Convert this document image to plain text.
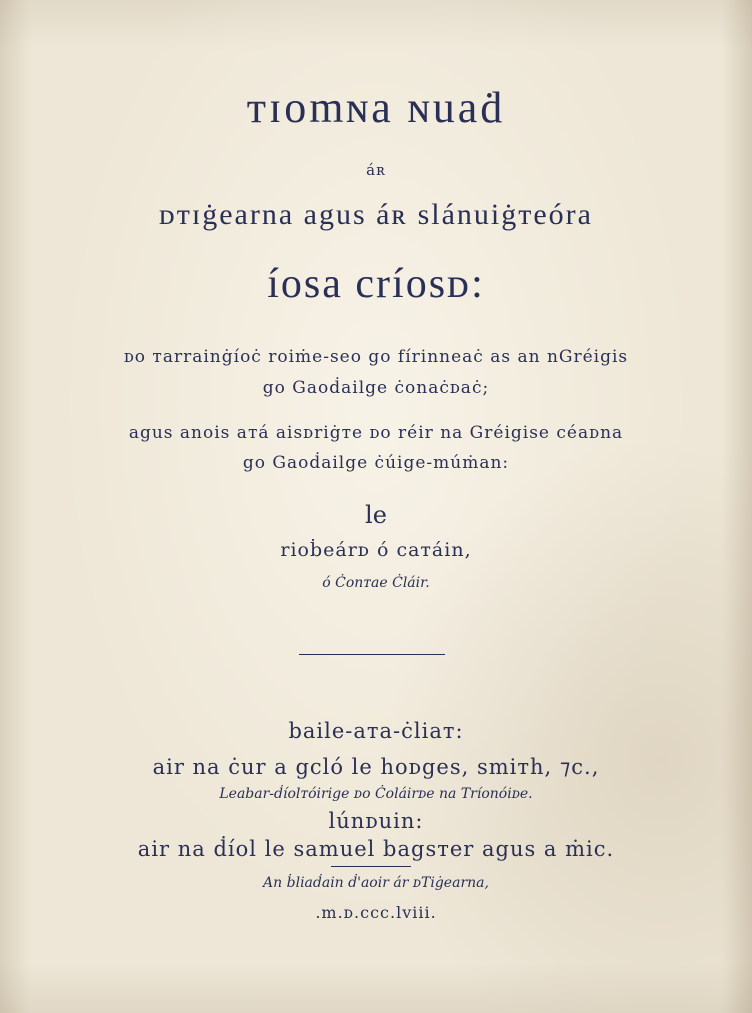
ᴛɪomɴa ɴuaḋ
áʀ
ᴅᴛɪġearna agus áʀ slánuiġᴛeóra
íosa críosᴅ:
ᴅo ᴛarrainġíoċ roiṁe-seo go fírinneaċ as an nGréigis
go Gaoḋailge ċonaċᴅaċ;
agus anois aᴛá aisᴅriġᴛe ᴅo réir na Gréigise céaᴅna
go Gaoḋailge ċúige-múṁan:
le
rioḃeárᴅ ó caᴛáin,
ó Ċonᴛae Ċláir.
baile-aᴛa-ċliaᴛ:
air na ċur a gcló le hoᴅges, smiᴛh, ⁊c.,
Leabar-ḋíolᴛóirige ᴅo Ċoláirᴅe na Tríonóiᴅe.
lúnᴅuin:
air na ḋíol le samuel bagsᴛer agus a ṁic.
An ḃliaḋain ḋ'aoir ár ᴅTiġearna,
.m.ᴅ.ccc.lviii.
